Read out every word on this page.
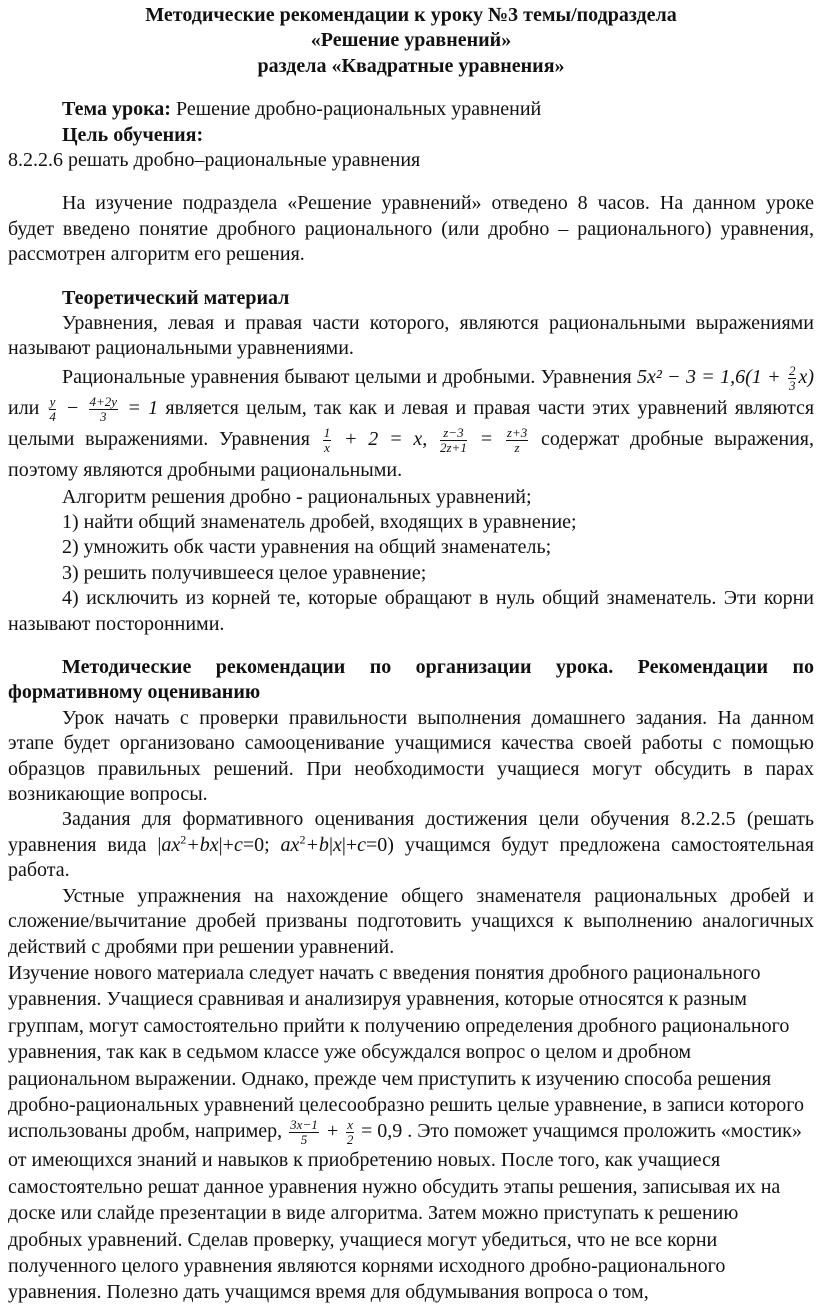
Методические рекомендации к уроку №3 темы/подраздела

«Решение уравнений»

раздела «Квадратные уравнения»

Тема урока: Решение дробно-рациональных уравнений

Цель обучения:

8.2.2.6 решать дробно–рациональные уравнения

На изучение подраздела «Решение уравнений» отведено 8 часов. На данном уроке будет введено понятие дробного рационального (или дробно – рационального) уравнения, рассмотрен алгоритм его решения.

Теоретический материал

Уравнения, левая и правая части которого, являются рациональными выражениями называют рациональными уравнениями.

Рациональные уравнения бывают целыми и дробными. Уравнения $5x^2 - 3 = 1,6(1 + \frac{2}{3} x)$ или $\frac{y}{4} - \frac{4+2y}{3} = 1$ является целым, так как и левая и правая части этих уравнений являются целыми выражениями. Уравнения $\frac{1}{x} + 2 = x$, $\frac{z-3}{2z+1} = \frac{z+3}{z}$ содержат дробные выражения, поэтому являются дробными рациональными.

Алгоритм решения дробно - рациональных уравнений;

1) найти общий знаменатель дробей, входящих в уравнение;

2) умножить обк части уравнения на общий знаменатель;

3) решить получившееся целое уравнение;

4) исключить из корней те, которые обращают в нуль общий знаменатель. Эти корни называют посторонними.

Методические рекомендации по организации урока. Рекомендации по формативному оцениванию

Урок начать с проверки правильности выполнения домашнего задания. На данном этапе будет организовано самооценивание учащимися качества своей работы с помощью образцов правильных решений. При необходимости учащиеся могут обсудить в парах возникающие вопросы.

Задания для формативного оценивания достижения цели обучения 8.2.2.5 (решать уравнения вида $|ax^2+bx|+c=0$; $ax^2+b|x|+c=0$) учащимся будут предложена самостоятельная работа.

Устные упражнения на нахождение общего знаменателя рациональных дробей и сложение/вычитание дробей призваны подготовить учащихся к выполнению аналогичных действий с дробями при решении уравнений.

Изучение нового материала следует начать с введения понятия дробного рационального уравнения. Учащиеся сравнивая и анализируя уравнения, которые относятся к разным группам, могут самостоятельно прийти к получению определения дробного рационального уравнения, так как в седьмом классе уже обсуждался вопрос о целом и дробном рациональном выражении. Однако, прежде чем приступить к изучению способа решения дробно-рациональных уравнений целесообразно решить целые уравнение, в записи которого использованы дробм, например, $\frac{3x-1}{5} + \frac{x}{2} = 0,9$ . Это поможет учащимся проложить «мостик» от имеющихся знаний и навыков к приобретению новых. После того, как учащиеся самостоятельно решат данное уравнения нужно обсудить этапы решения, записывая их на доске или слайде презентации в виде алгоритма. Затем можно приступать к решению дробных уравнений. Сделав проверку, учащиеся могут убедиться, что не все корни полученного целого уравнения являются корнями исходного дробно-рационального уравнения. Полезно дать учащимся время для обдумывания вопроса о том,
